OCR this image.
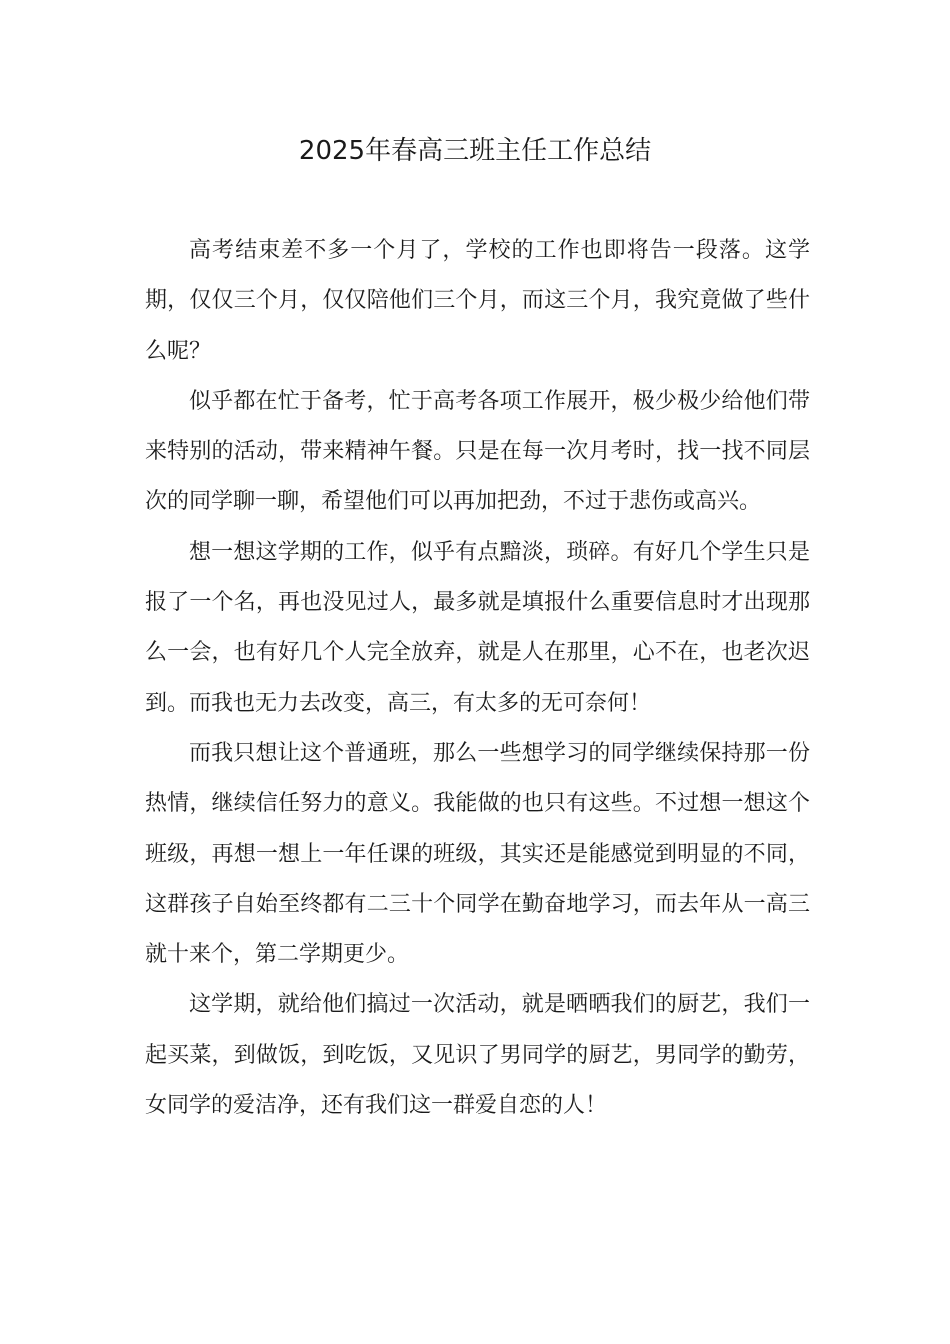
2025年春高三班主任工作总结

高考结束差不多一个月了，学校的工作也即将告一段落。这学期，仅仅三个月，仅仅陪他们三个月，而这三个月，我究竟做了些什么呢？

似乎都在忙于备考，忙于高考各项工作展开，极少极少给他们带来特别的活动，带来精神午餐。只是在每一次月考时，找一找不同层次的同学聊一聊，希望他们可以再加把劲，不过于悲伤或高兴。

想一想这学期的工作，似乎有点黯淡，琐碎。有好几个学生只是报了一个名，再也没见过人，最多就是填报什么重要信息时才出现那么一会，也有好几个人完全放弃，就是人在那里，心不在，也老次迟到。而我也无力去改变，高三，有太多的无可奈何！

而我只想让这个普通班，那么一些想学习的同学继续保持那一份热情，继续信任努力的意义。我能做的也只有这些。不过想一想这个班级，再想一想上一年任课的班级，其实还是能感觉到明显的不同，这群孩子自始至终都有二三十个同学在勤奋地学习，而去年从一高三就十来个，第二学期更少。

这学期，就给他们搞过一次活动，就是晒晒我们的厨艺，我们一起买菜，到做饭，到吃饭，又见识了男同学的厨艺，男同学的勤劳，女同学的爱洁净，还有我们这一群爱自恋的人！
